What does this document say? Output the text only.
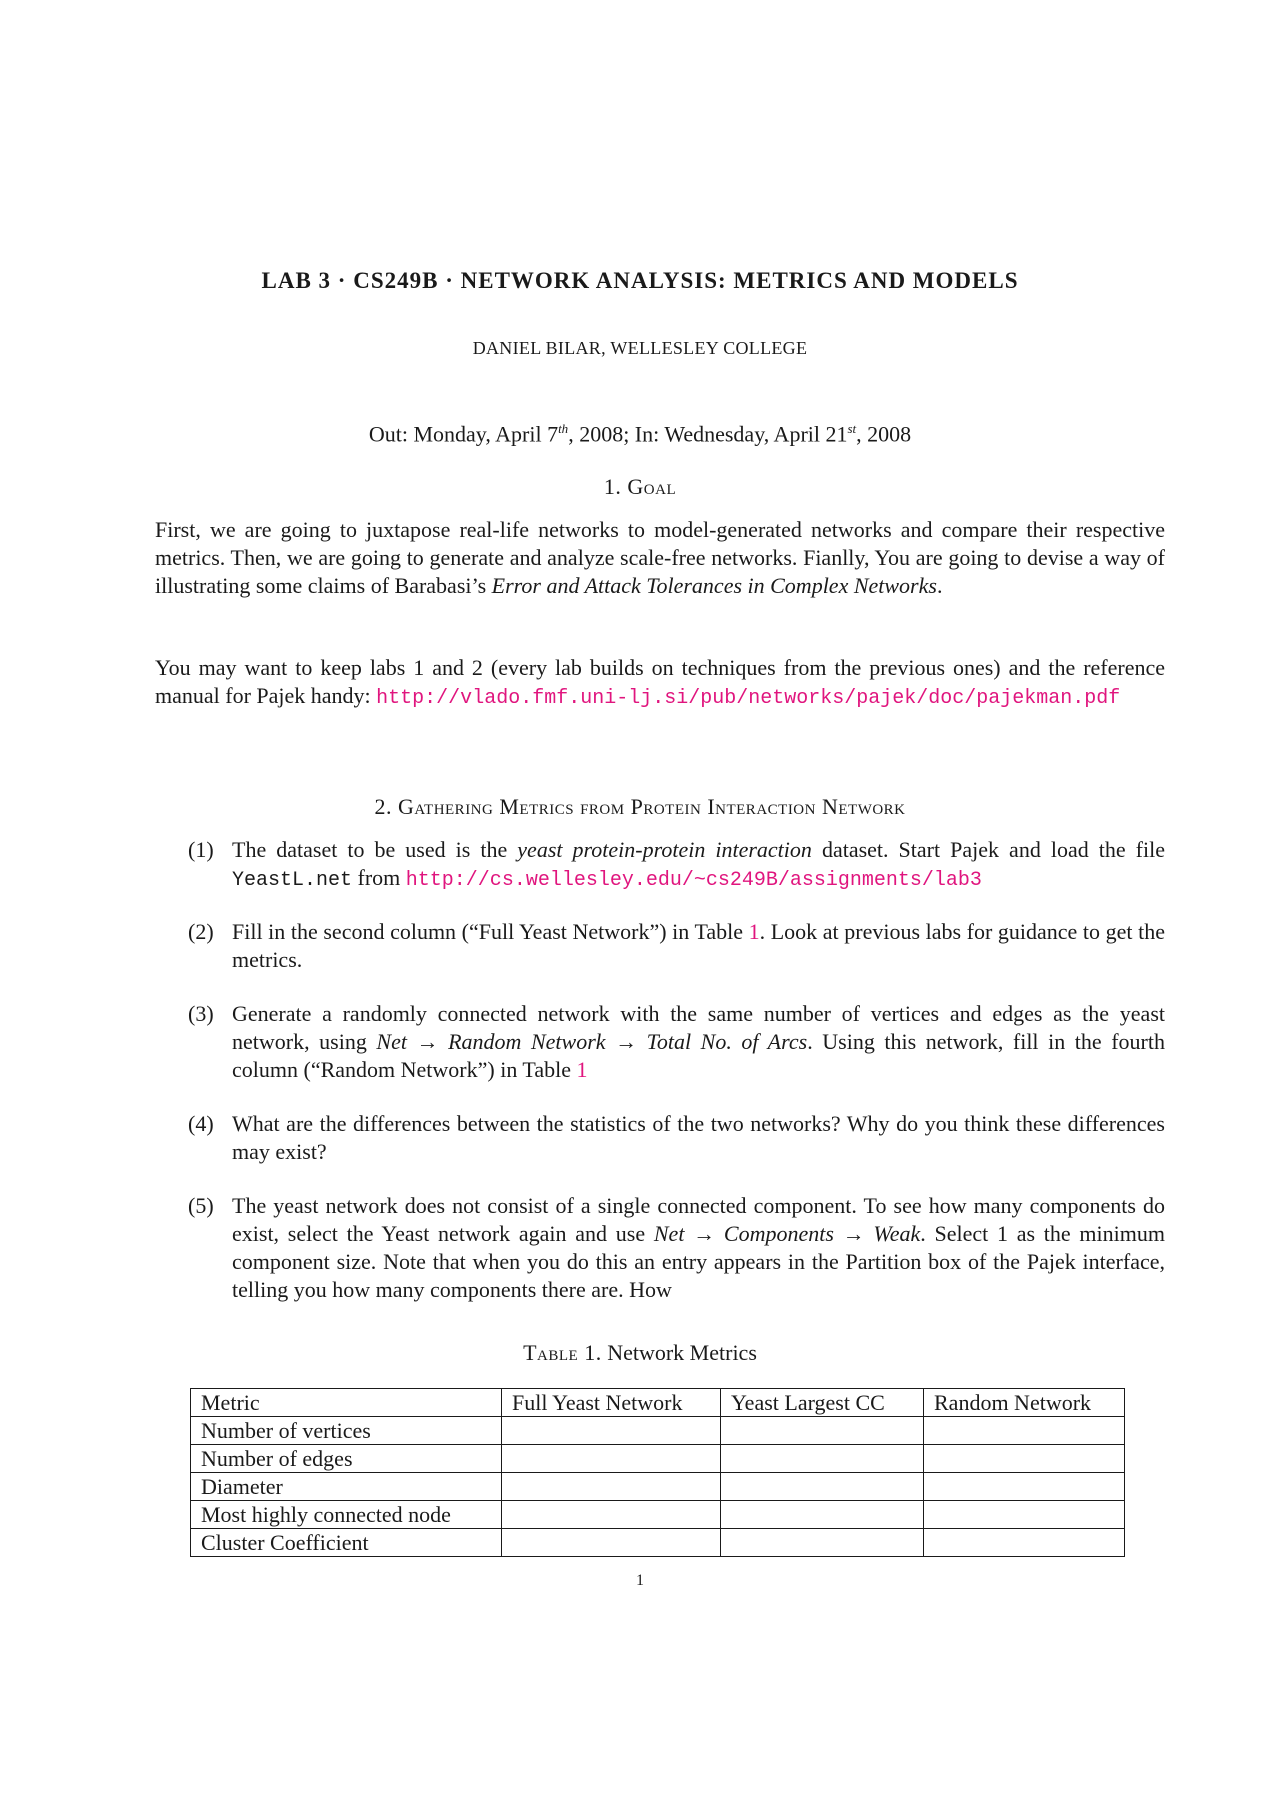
LAB 3 · CS249B · NETWORK ANALYSIS: METRICS AND MODELS
DANIEL BILAR, WELLESLEY COLLEGE
Out: Monday, April 7th, 2008; In: Wednesday, April 21st, 2008
1. Goal
First, we are going to juxtapose real-life networks to model-generated networks and compare their respective metrics. Then, we are going to generate and analyze scale-free networks. Fianlly, You are going to devise a way of illustrating some claims of Barabasi’s Error and Attack Tolerances in Complex Networks.
You may want to keep labs 1 and 2 (every lab builds on techniques from the previous ones) and the reference manual for Pajek handy: http://vlado.fmf.uni-lj.si/pub/networks/pajek/doc/pajekman.pdf
2. Gathering Metrics from Protein Interaction Network
(1) The dataset to be used is the yeast protein-protein interaction dataset. Start Pajek and load the file YeastL.net from http://cs.wellesley.edu/~cs249B/assignments/lab3
(2) Fill in the second column (“Full Yeast Network”) in Table 1. Look at previous labs for guidance to get the metrics.
(3) Generate a randomly connected network with the same number of vertices and edges as the yeast network, using Net → Random Network → Total No. of Arcs. Using this network, fill in the fourth column (“Random Network”) in Table 1
(4) What are the differences between the statistics of the two networks? Why do you think these differences may exist?
(5) The yeast network does not consist of a single connected component. To see how many components do exist, select the Yeast network again and use Net → Components → Weak. Select 1 as the minimum component size. Note that when you do this an entry appears in the Partition box of the Pajek interface, telling you how many components there are. How
Table 1. Network Metrics
Metric	Full Yeast Network	Yeast Largest CC	Random Network
Number of vertices			
Number of edges			
Diameter			
Most highly connected node			
Cluster Coefficient			
1
